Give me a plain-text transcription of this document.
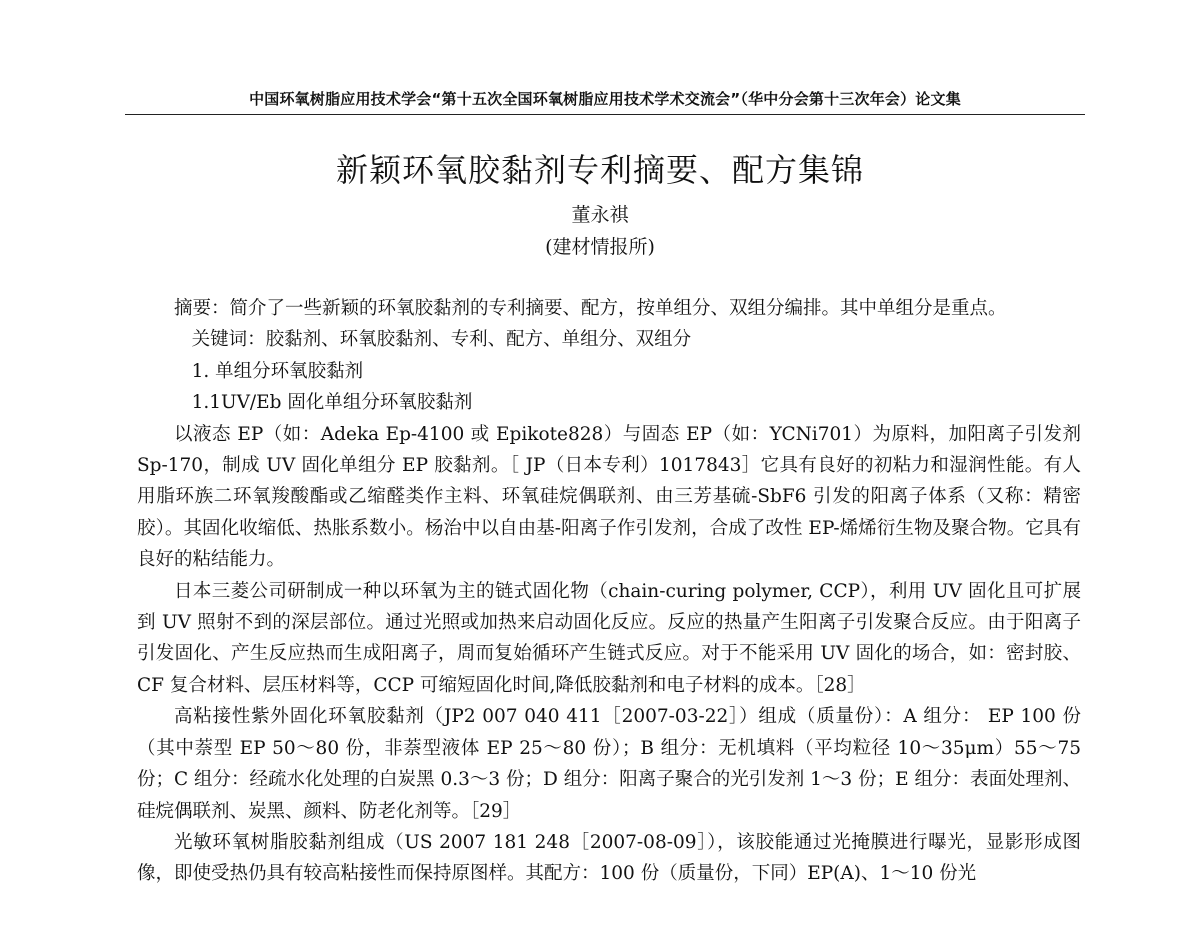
中国环氧树脂应用技术学会“第十五次全国环氧树脂应用技术学术交流会”（华中分会第十三次年会）论文集
新颖环氧胶黏剂专利摘要、配方集锦
董永祺
(建材情报所)

摘要：简介了一些新颖的环氧胶黏剂的专利摘要、配方，按单组分、双组分编排。其中单组分是重点。

关键词：胶黏剂、环氧胶黏剂、专利、配方、单组分、双组分

1. 单组分环氧胶黏剂

1.1UV/Eb 固化单组分环氧胶黏剂

以液态 EP（如：Adeka Ep-4100 或 Epikote828）与固态 EP（如：YCNi701）为原料，加阳离子引发剂 Sp-170，制成 UV 固化单组分 EP 胶黏剂。［ JP（日本专利）1017843］它具有良好的初粘力和湿润性能。有人用脂环族二环氧羧酸酯或乙缩醛类作主料、环氧硅烷偶联剂、由三芳基硫-SbF6 引发的阳离子体系（又称：精密胶）。其固化收缩低、热胀系数小。杨治中以自由基-阳离子作引发剂，合成了改性 EP-烯烯衍生物及聚合物。它具有良好的粘结能力。

日本三菱公司研制成一种以环氧为主的链式固化物（chain-curing polymer, CCP），利用 UV 固化且可扩展到 UV 照射不到的深层部位。通过光照或加热来启动固化反应。反应的热量产生阳离子引发聚合反应。由于阳离子引发固化、产生反应热而生成阳离子，周而复始循环产生链式反应。对于不能采用 UV 固化的场合，如：密封胶、CF 复合材料、层压材料等，CCP 可缩短固化时间,降低胶黏剂和电子材料的成本。［28］

高粘接性紫外固化环氧胶黏剂（JP2 007 040 411［2007-03-22］）组成（质量份）：A 组分： EP 100 份（其中萘型 EP 50～80 份，非萘型液体 EP 25～80 份）；B 组分：无机填料（平均粒径 10～35μm）55～75 份；C 组分：经疏水化处理的白炭黑 0.3～3 份；D 组分：阳离子聚合的光引发剂 1～3 份；E 组分：表面处理剂、硅烷偶联剂、炭黑、颜料、防老化剂等。［29］

光敏环氧树脂胶黏剂组成（US 2007 181 248［2007-08-09］），该胶能通过光掩膜进行曝光，显影形成图像，即使受热仍具有较高粘接性而保持原图样。其配方：100 份（质量份，下同）EP(A)、1～10 份光
